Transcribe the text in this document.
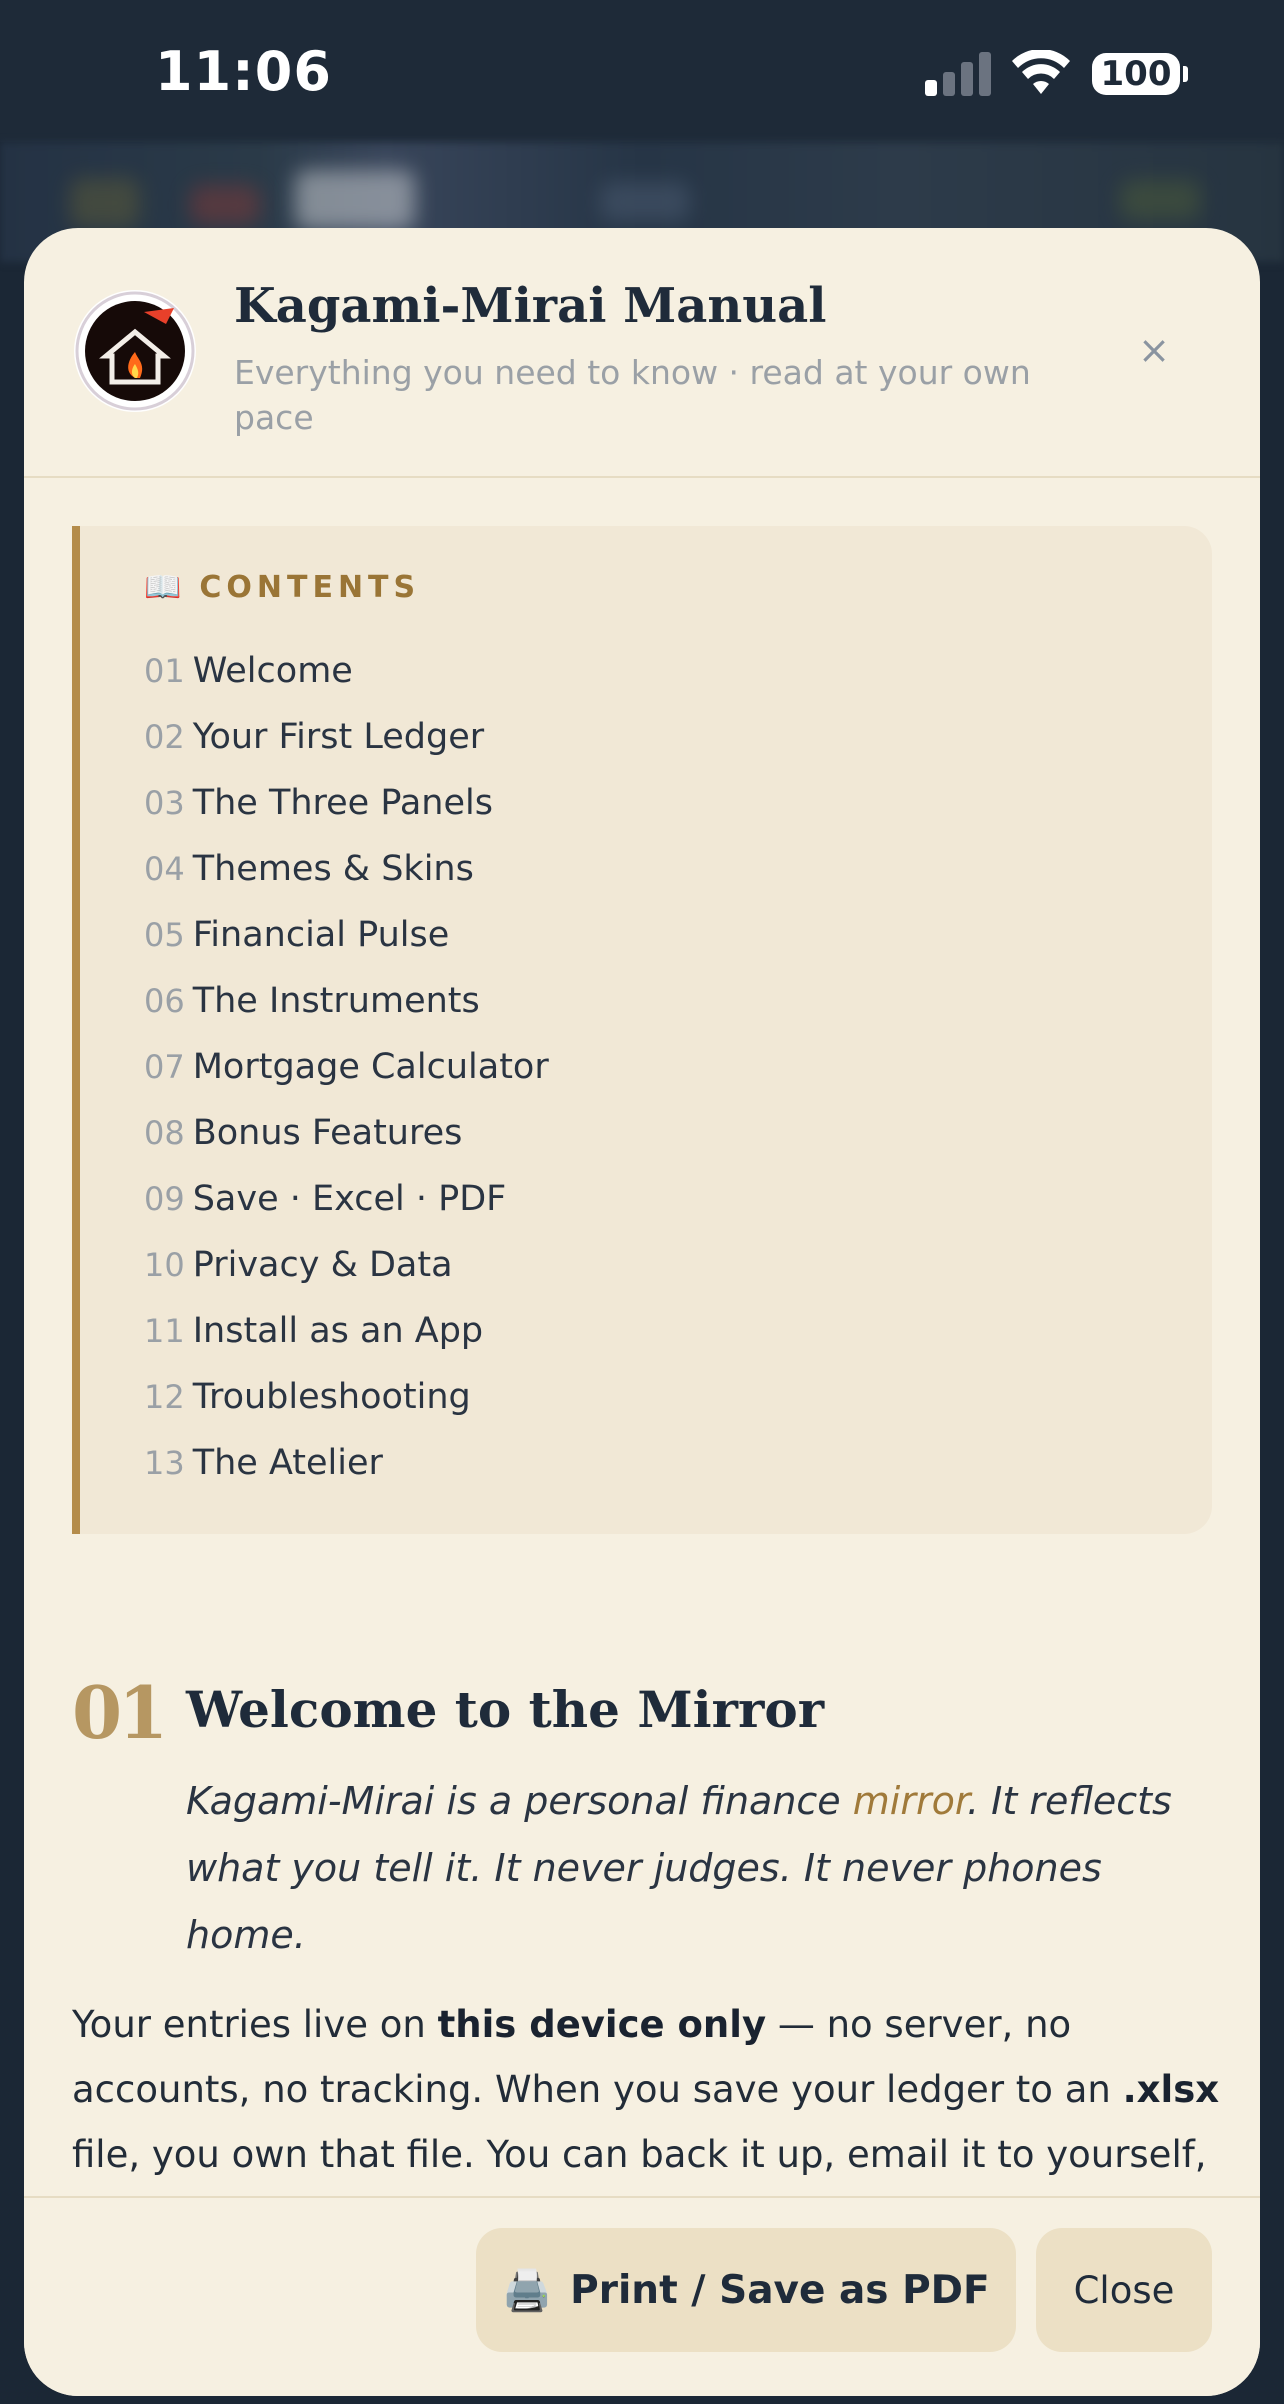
11:06	100
Kagami-Mirai Manual
Everything you need to know · read at your own pace
×
📖 CONTENTS
01 Welcome
02 Your First Ledger
03 The Three Panels
04 Themes & Skins
05 Financial Pulse
06 The Instruments
07 Mortgage Calculator
08 Bonus Features
09 Save · Excel · PDF
10 Privacy & Data
11 Install as an App
12 Troubleshooting
13 The Atelier
01 Welcome to the Mirror
Kagami-Mirai is a personal finance mirror. It reflects what you tell it. It never judges. It never phones home.
Your entries live on this device only — no server, no accounts, no tracking. When you save your ledger to an .xlsx file, you own that file. You can back it up, email it to yourself,
🖨️ Print / Save as PDF	Close
